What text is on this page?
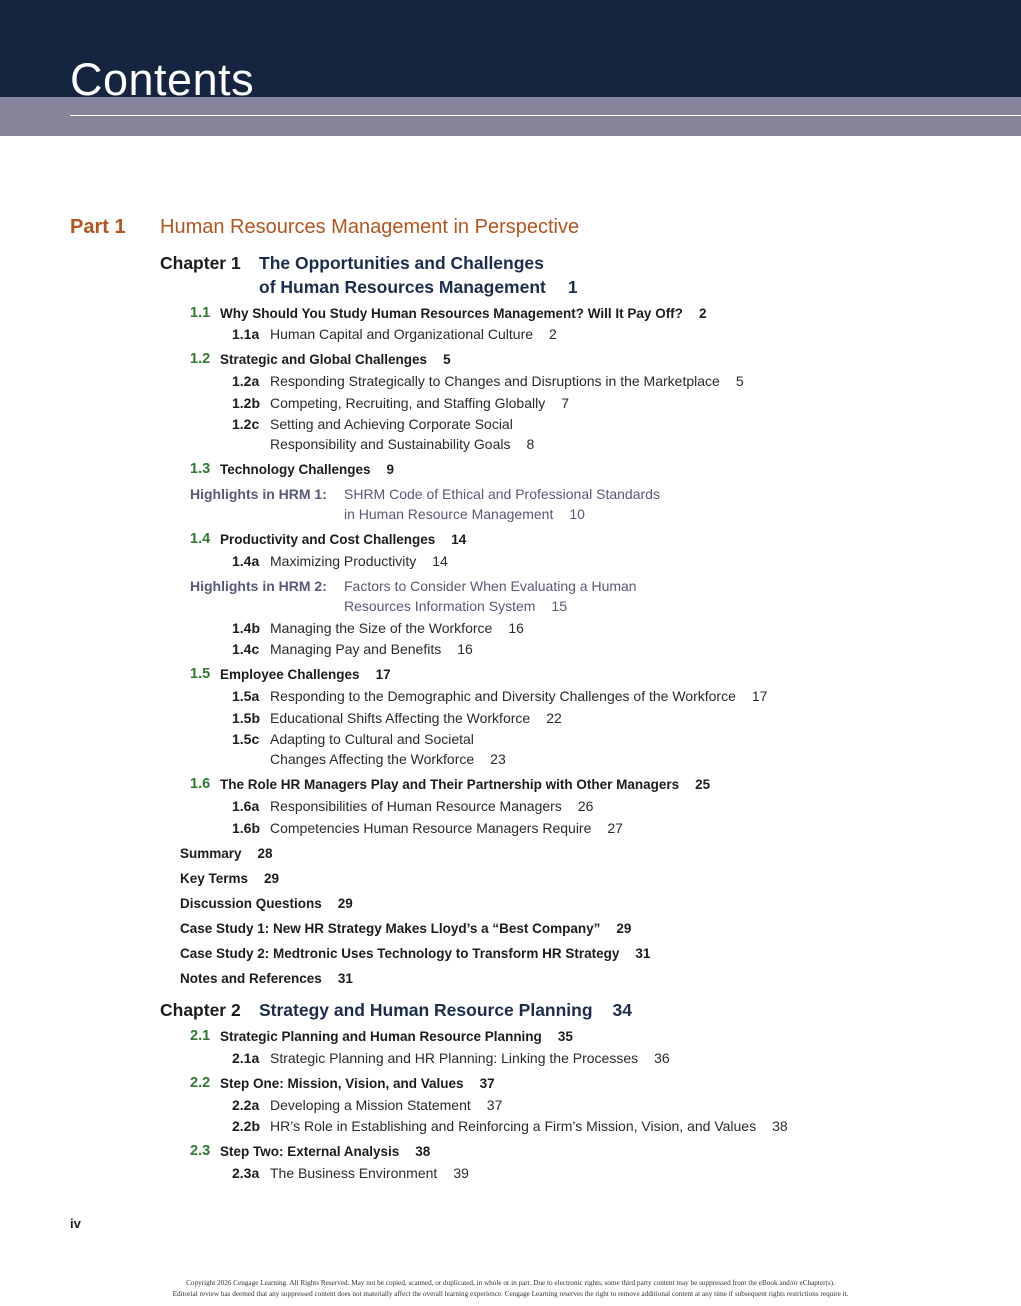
Contents
Part 1 Human Resources Management in Perspective
Chapter 1 The Opportunities and Challenges
of Human Resources Management 1
1.1 Why Should You Study Human Resources Management? Will It Pay Off? 2
1.1a Human Capital and Organizational Culture 2
1.2 Strategic and Global Challenges 5
1.2a Responding Strategically to Changes and Disruptions in the Marketplace 5
1.2b Competing, Recruiting, and Staffing Globally 7
1.2c Setting and Achieving Corporate Social
Responsibility and Sustainability Goals 8
1.3 Technology Challenges 9
Highlights in HRM 1: SHRM Code of Ethical and Professional Standards
in Human Resource Management 10
1.4 Productivity and Cost Challenges 14
1.4a Maximizing Productivity 14
Highlights in HRM 2: Factors to Consider When Evaluating a Human
Resources Information System 15
1.4b Managing the Size of the Workforce 16
1.4c Managing Pay and Benefits 16
1.5 Employee Challenges 17
1.5a Responding to the Demographic and Diversity Challenges of the Workforce 17
1.5b Educational Shifts Affecting the Workforce 22
1.5c Adapting to Cultural and Societal
Changes Affecting the Workforce 23
1.6 The Role HR Managers Play and Their Partnership with Other Managers 25
1.6a Responsibilities of Human Resource Managers 26
1.6b Competencies Human Resource Managers Require 27
Summary 28
Key Terms 29
Discussion Questions 29
Case Study 1: New HR Strategy Makes Lloyd’s a “Best Company” 29
Case Study 2: Medtronic Uses Technology to Transform HR Strategy 31
Notes and References 31
Chapter 2 Strategy and Human Resource Planning 34
2.1 Strategic Planning and Human Resource Planning 35
2.1a Strategic Planning and HR Planning: Linking the Processes 36
2.2 Step One: Mission, Vision, and Values 37
2.2a Developing a Mission Statement 37
2.2b HR’s Role in Establishing and Reinforcing a Firm’s Mission, Vision, and Values 38
2.3 Step Two: External Analysis 38
2.3a The Business Environment 39
iv
Copyright 2026 Cengage Learning. All Rights Reserved. May not be copied, scanned, or duplicated, in whole or in part. Due to electronic rights, some third party content may be suppressed from the eBook and/or eChapter(s).
Editorial review has deemed that any suppressed content does not materially affect the overall learning experience. Cengage Learning reserves the right to remove additional content at any time if subsequent rights restrictions require it.
